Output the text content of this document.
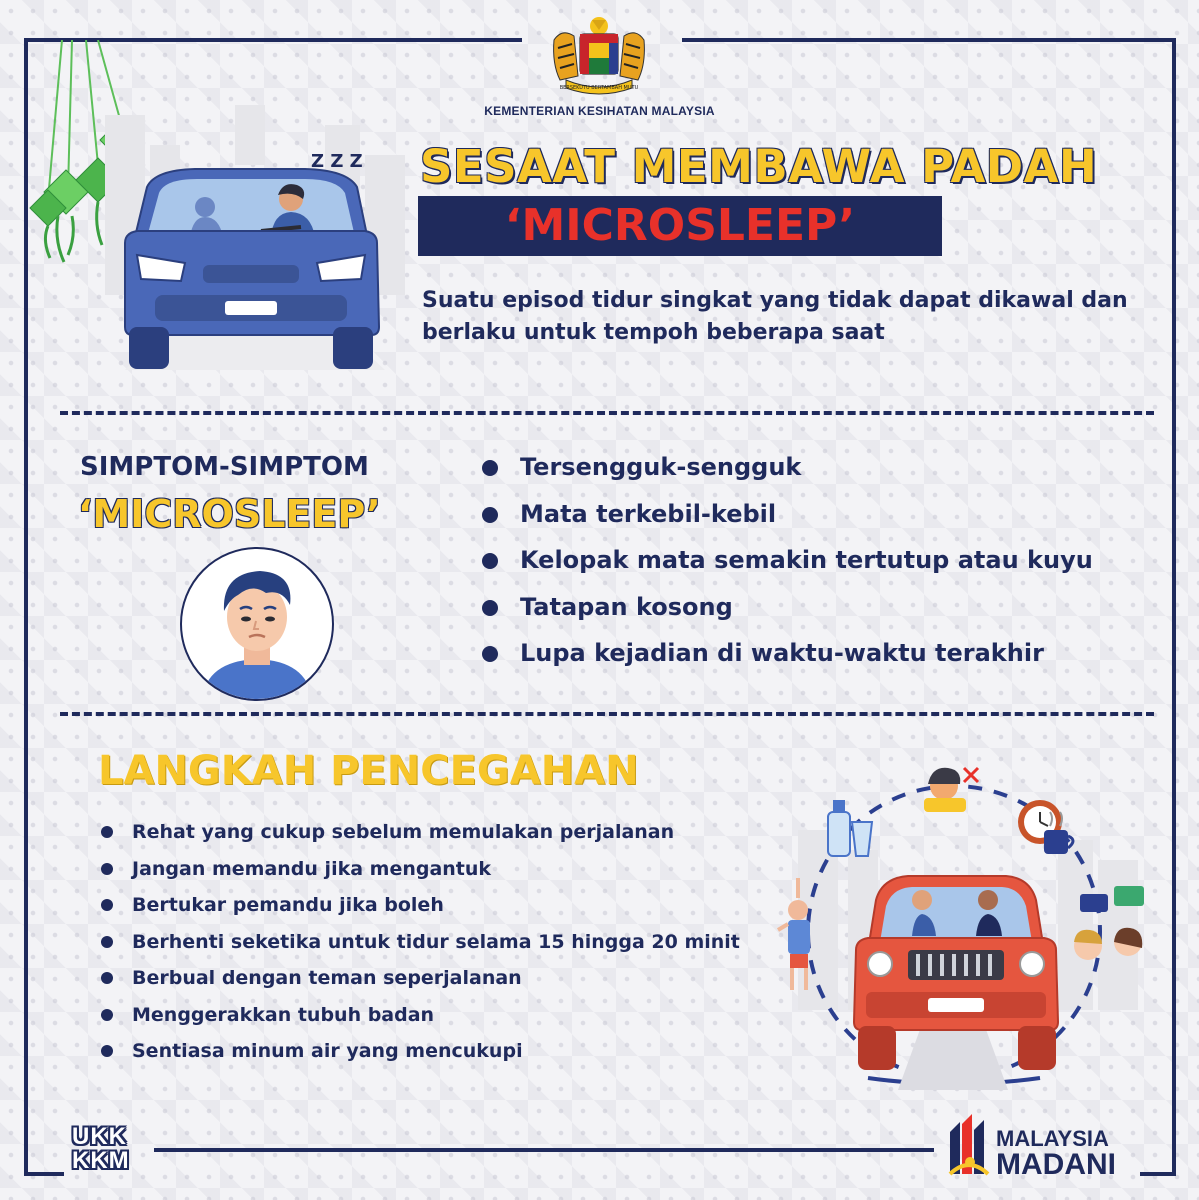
BERSEKUTU BERTAMBAH MUTU
KEMENTERIAN KESIHATAN MALAYSIA
Z Z Z SESAAT MEMBAWA PADAH
‘MICROSLEEP’
Suatu episod tidur singkat yang tidak dapat dikawal dan berlaku untuk tempoh beberapa saat
SIMPTOM-SIMPTOM
‘MICROSLEEP’
Tersengguk-sengguk
Mata terkebil-kebil
Kelopak mata semakin tertutup atau kuyu
Tatapan kosong
Lupa kejadian di waktu-waktu terakhir
LANGKAH PENCEGAHAN
Rehat yang cukup sebelum memulakan perjalanan
Jangan memandu jika mengantuk
Bertukar pemandu jika boleh
Berhenti seketika untuk tidur selama 15 hingga 20 minit
Berbual dengan teman seperjalanan
Menggerakkan tubuh badan
Sentiasa minum air yang mencukupi
UKK
KKM
MALAYSIA
MADANI
